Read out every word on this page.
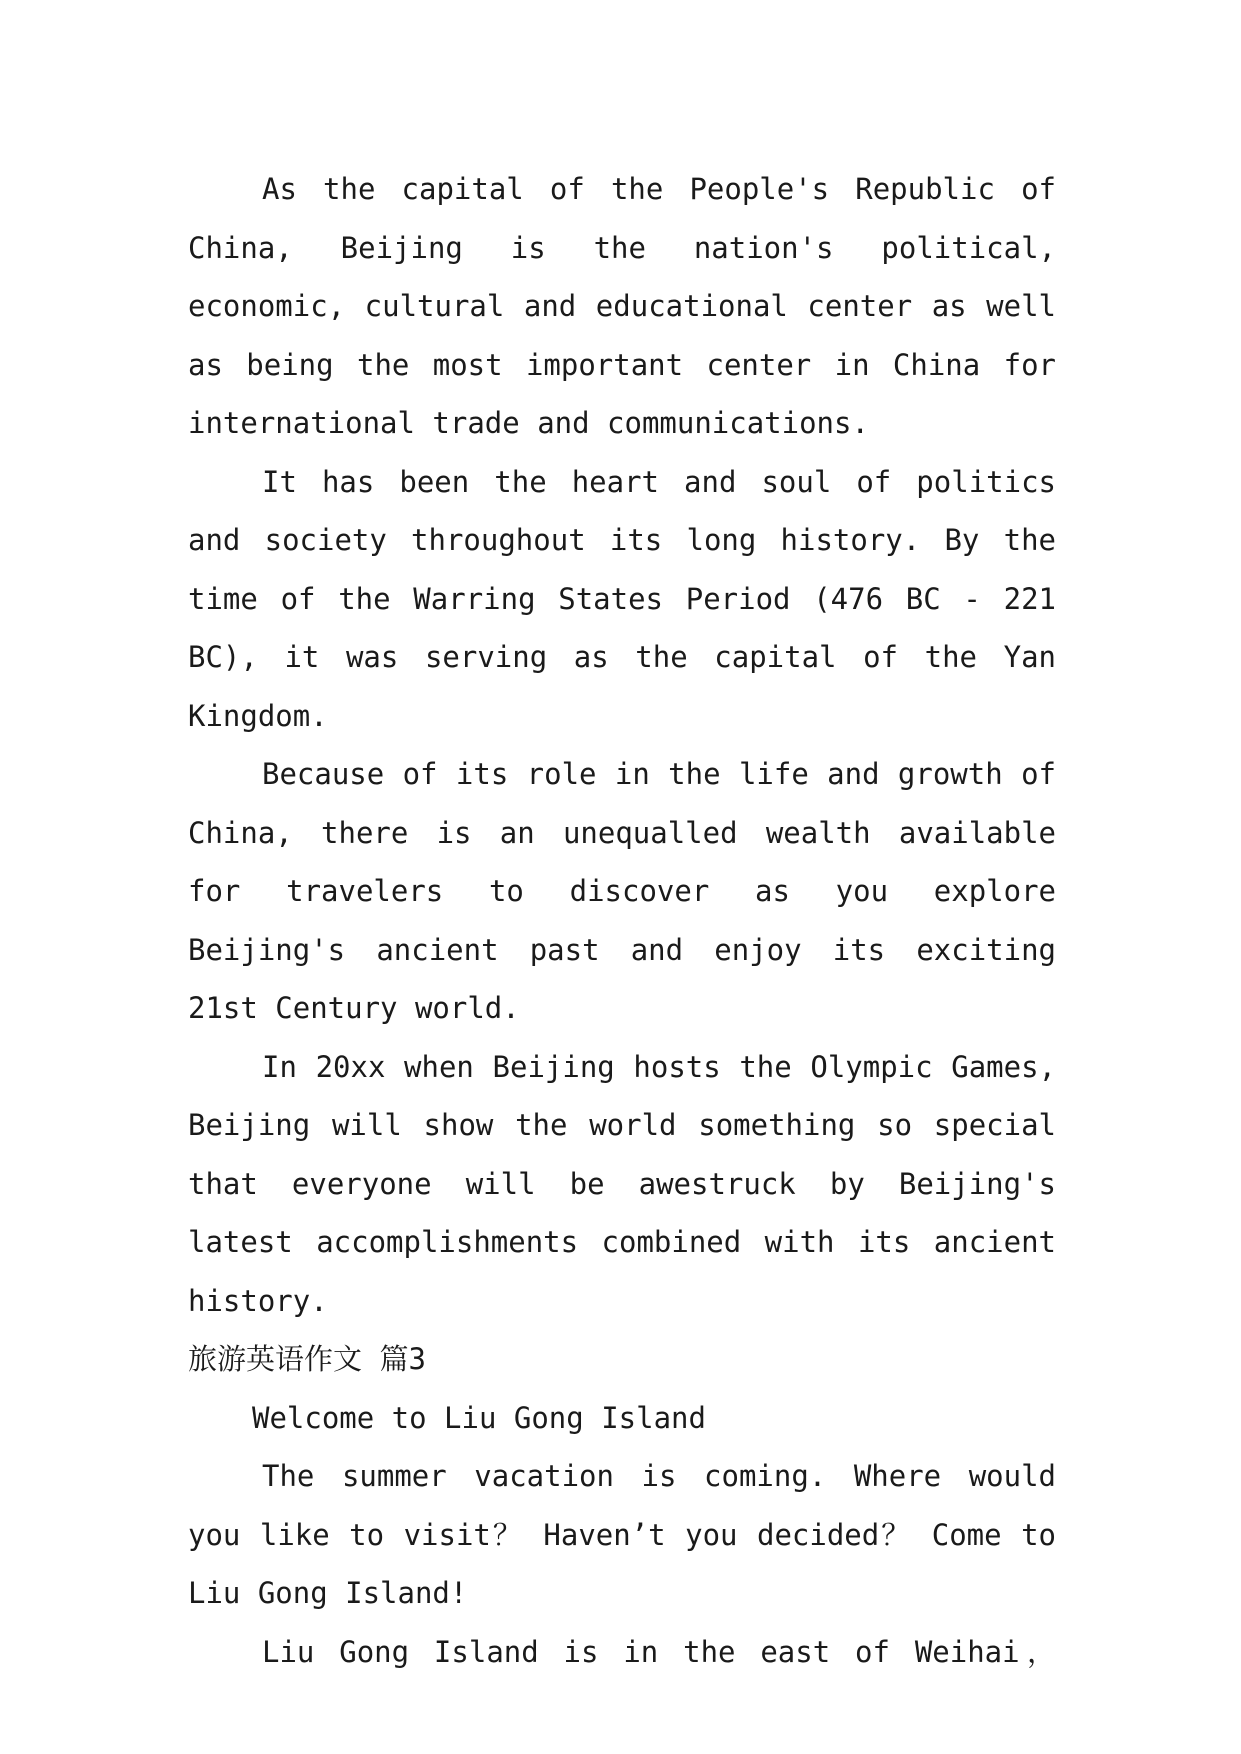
As the capital of the People's Republic of China, Beijing is the nation's political, economic, cultural and educational center as well as being the most important center in China for international trade and communications.

It has been the heart and soul of politics and society throughout its long history. By the time of the Warring States Period (476 BC - 221 BC), it was serving as the capital of the Yan Kingdom.

Because of its role in the life and growth of China, there is an unequalled wealth available for travelers to discover as you explore Beijing's ancient past and enjoy its exciting 21st Century world.

In 20xx when Beijing hosts the Olympic Games, Beijing will show the world something so special that everyone will be awestruck by Beijing's latest accomplishments combined with its ancient history.

旅游英语作文 篇3

Welcome to Liu Gong Island

The summer vacation is coming. Where would you like to visit？ Haven’t you decided？ Come to Liu Gong Island!

Liu Gong Island is in the east of Weihai，
